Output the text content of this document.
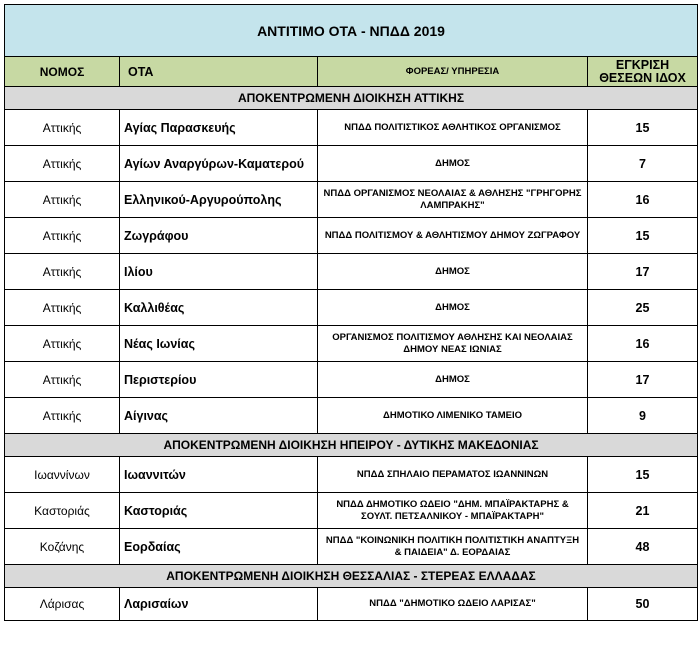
ΑΝΤΙΤΙΜΟ ΟΤΑ - ΝΠΔΔ 2019			
ΝΟΜΟΣ	ΟΤΑ	ΦΟΡΕΑΣ/ ΥΠΗΡΕΣΙΑ	ΕΓΚΡΙΣΗ
ΘΕΣΕΩΝ ΙΔΟΧ
ΑΠΟΚΕΝΤΡΩΜΕΝΗ ΔΙΟΙΚΗΣΗ ΑΤΤΙΚΗΣ			
Αττικής	Αγίας Παρασκευής	ΝΠΔΔ ΠΟΛΙΤΙΣΤΙΚΟΣ ΑΘΛΗΤΙΚΟΣ ΟΡΓΑΝΙΣΜΟΣ	15
Αττικής	Αγίων Αναργύρων-Καματερού	ΔΗΜΟΣ	7
Αττικής	Ελληνικού-Αργυρούπολης	ΝΠΔΔ ΟΡΓΑΝΙΣΜΟΣ ΝΕΟΛΑΙΑΣ & ΑΘΛΗΣΗΣ "ΓΡΗΓΟΡΗΣ ΛΑΜΠΡΑΚΗΣ"	16
Αττικής	Ζωγράφου	ΝΠΔΔ ΠΟΛΙΤΙΣΜΟΥ & ΑΘΛΗΤΙΣΜΟΥ ΔΗΜΟΥ ΖΩΓΡΑΦΟΥ	15
Αττικής	Ιλίου	ΔΗΜΟΣ	17
Αττικής	Καλλιθέας	ΔΗΜΟΣ	25
Αττικής	Νέας Ιωνίας	ΟΡΓΑΝΙΣΜΟΣ ΠΟΛΙΤΙΣΜΟΥ ΑΘΛΗΣΗΣ ΚΑΙ ΝΕΟΛΑΙΑΣ ΔΗΜΟΥ ΝΕΑΣ ΙΩΝΙΑΣ	16
Αττικής	Περιστερίου	ΔΗΜΟΣ	17
Αττικής	Αίγινας	ΔΗΜΟΤΙΚΟ ΛΙΜΕΝΙΚΟ ΤΑΜΕΙΟ	9
ΑΠΟΚΕΝΤΡΩΜΕΝΗ ΔΙΟΙΚΗΣΗ ΗΠΕΙΡΟΥ - ΔΥΤΙΚΗΣ ΜΑΚΕΔΟΝΙΑΣ			
Ιωαννίνων	Ιωαννιτών	ΝΠΔΔ ΣΠΗΛΑΙΟ ΠΕΡΑΜΑΤΟΣ ΙΩΑΝΝΙΝΩΝ	15
Καστοριάς	Καστοριάς	ΝΠΔΔ ΔΗΜΟΤΙΚΟ ΩΔΕΙΟ "ΔΗΜ. ΜΠΑΪΡΑΚΤΑΡΗΣ & ΣΟΥΛΤ. ΠΕΤΣΑΛΝΙΚΟΥ - ΜΠΑΪΡΑΚΤΑΡΗ"	21
Κοζάνης	Εορδαίας	ΝΠΔΔ "ΚΟΙΝΩΝΙΚΗ ΠΟΛΙΤΙΚΗ ΠΟΛΙΤΙΣΤΙΚΗ ΑΝΑΠΤΥΞΗ & ΠΑΙΔΕΙΑ" Δ. ΕΟΡΔΑΙΑΣ	48
ΑΠΟΚΕΝΤΡΩΜΕΝΗ ΔΙΟΙΚΗΣΗ ΘΕΣΣΑΛΙΑΣ - ΣΤΕΡΕΑΣ ΕΛΛΑΔΑΣ			
Λάρισας	Λαρισαίων	ΝΠΔΔ "ΔΗΜΟΤΙΚΟ ΩΔΕΙΟ ΛΑΡΙΣΑΣ"	50
